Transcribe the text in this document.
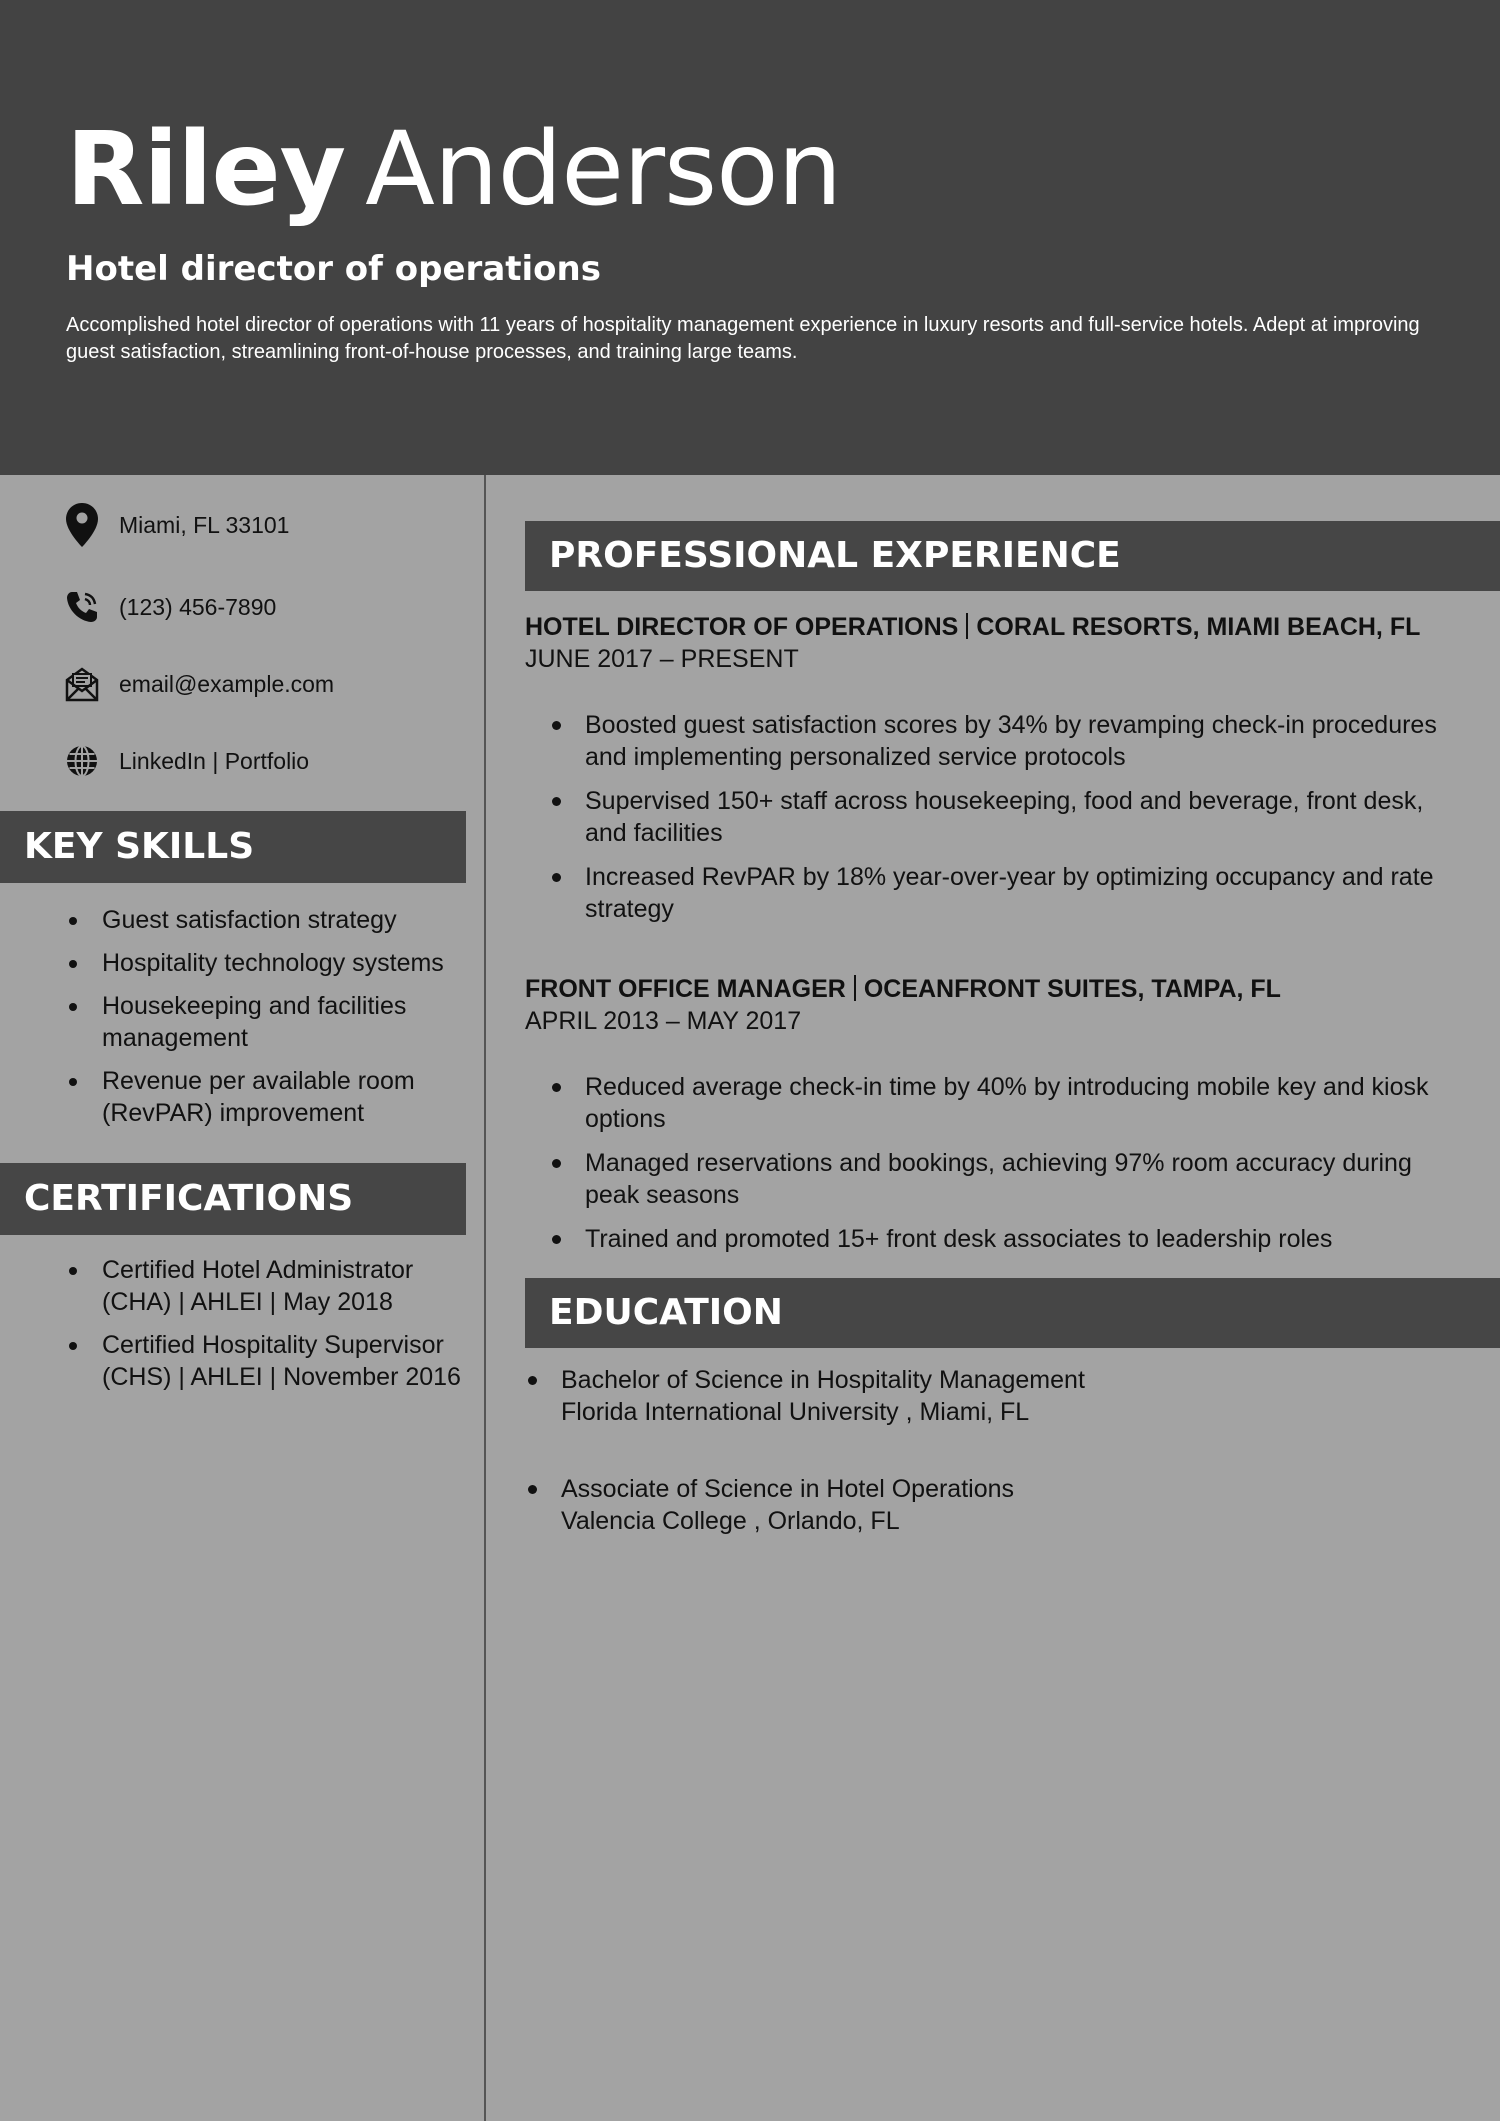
Riley Anderson
Hotel director of operations
Accomplished hotel director of operations with 11 years of hospitality management experience in luxury resorts and full-service hotels. Adept at improving guest satisfaction, streamlining front-of-house processes, and training large teams.
Miami, FL 33101
(123) 456-7890
email@example.com
LinkedIn | Portfolio
KEY SKILLS
Guest satisfaction strategy
Hospitality technology systems
Housekeeping and facilities management
Revenue per available room (RevPAR) improvement
CERTIFICATIONS
Certified Hotel Administrator (CHA) | AHLEI | May 2018
Certified Hospitality Supervisor (CHS) | AHLEI | November 2016
PROFESSIONAL EXPERIENCE
HOTEL DIRECTOR OF OPERATIONS CORAL RESORTS, MIAMI BEACH, FL
JUNE 2017 – PRESENT
Boosted guest satisfaction scores by 34% by revamping check-in procedures and implementing personalized service protocols
Supervised 150+ staff across housekeeping, food and beverage, front desk, and facilities
Increased RevPAR by 18% year-over-year by optimizing occupancy and rate strategy
FRONT OFFICE MANAGER OCEANFRONT SUITES, TAMPA, FL
APRIL 2013 – MAY 2017
Reduced average check-in time by 40% by introducing mobile key and kiosk options
Managed reservations and bookings, achieving 97% room accuracy during peak seasons
Trained and promoted 15+ front desk associates to leadership roles
EDUCATION
Bachelor of Science in Hospitality Management
Florida International University , Miami, FL
Associate of Science in Hotel Operations
Valencia College , Orlando, FL
